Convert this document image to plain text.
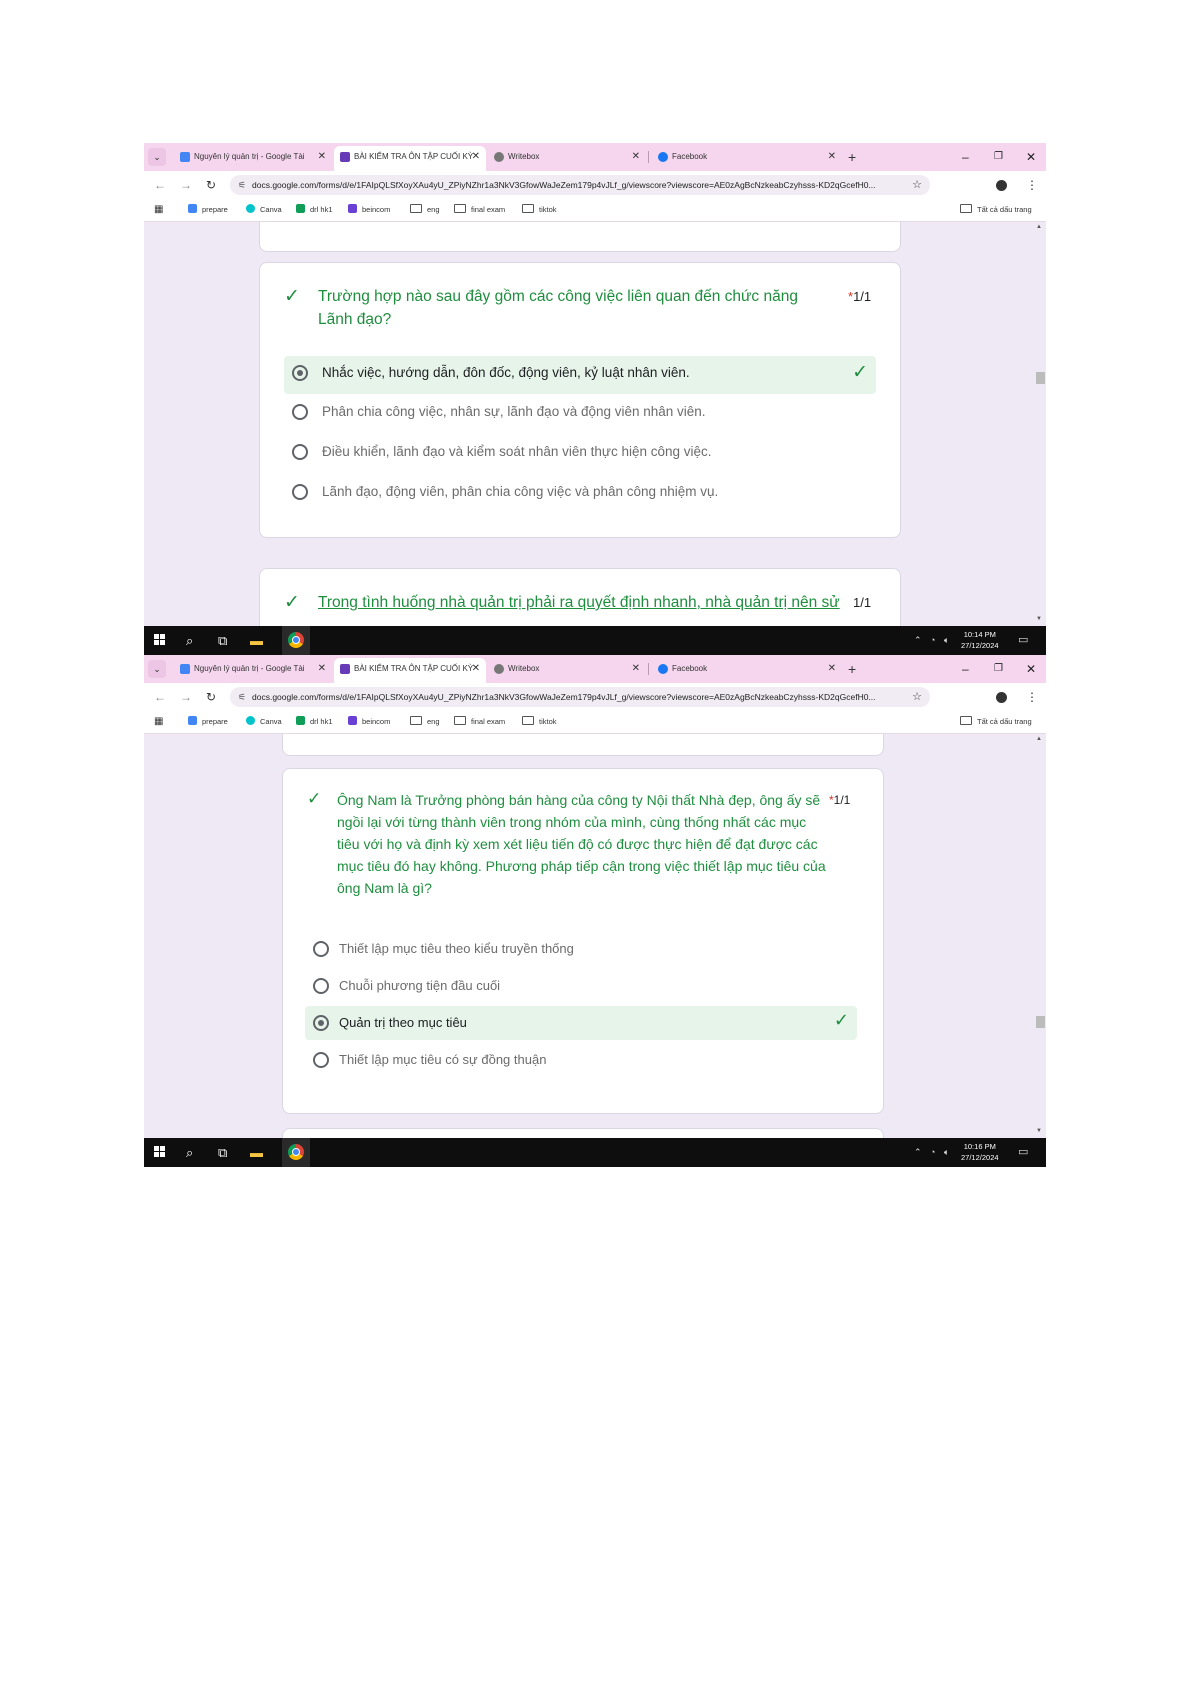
⌄	Nguyên lý quản trị - Google Tài ✕	BÀI KIỂM TRA ÔN TẬP CUỐI KỲ
✕	Writebox	✕	Facebook	✕ +	–	❐ ✕
← → ↻ ⚟ docs.google.com/forms/d/e/1FAIpQLSfXoyXAu4yU_ZPiyNZhr1a3NkV3GfowWaJeZem179p4vJLf_g/viewscore?viewscore=AE0zAgBcNzkeabCzyhsss-KD2qGcefH0...	☆	⋮
▦	prepare	Canva	drl hk1	beincom	eng	final exam	tiktok	Tất cả dấu trang
✓ Trường hợp nào sau đây gồm các công việc liên quan đến chức năng Lãnh đạo?
*1/1
Nhắc việc, hướng dẫn, đôn đốc, động viên, kỷ luật nhân viên.	✓
Phân chia công việc, nhân sự, lãnh đạo và động viên nhân viên.
Điều khiển, lãnh đạo và kiểm soát nhân viên thực hiện công việc.
Lãnh đạo, động viên, phân chia công việc và phân công nhiệm vụ.
✓ Trong tình huống nhà quản trị phải ra quyết định nhanh, nhà quản trị nên sử	1/1
▲
▼
⌕ ⧉ ▬	⌃ ◔ 🔈︎
10:14 PM
27/12/2024 ▭
⌄	Nguyên lý quản trị - Google Tài ✕	BÀI KIỂM TRA ÔN TẬP CUỐI KỲ
✕	Writebox	✕	Facebook	✕ +	–	❐ ✕
← → ↻ ⚟ docs.google.com/forms/d/e/1FAIpQLSfXoyXAu4yU_ZPiyNZhr1a3NkV3GfowWaJeZem179p4vJLf_g/viewscore?viewscore=AE0zAgBcNzkeabCzyhsss-KD2qGcefH0...	☆	⋮
▦	prepare	Canva	drl hk1	beincom	eng	final exam	tiktok	Tất cả dấu trang
✓ Ông Nam là Trưởng phòng bán hàng của công ty Nội thất Nhà đẹp, ông ấy sẽ ngồi lại với từng thành viên trong nhóm của mình, cùng thống nhất các mục tiêu với họ và định kỳ xem xét liệu tiến độ có được thực hiện để đạt được các mục tiêu đó hay không. Phương pháp tiếp cận trong việc thiết lập mục tiêu của ông Nam là gì?
*1/1
Thiết lập mục tiêu theo kiểu truyền thống
Chuỗi phương tiện đầu cuối
Quản trị theo mục tiêu	✓
Thiết lập mục tiêu có sự đồng thuận
▲
▼
⌕ ⧉ ▬	⌃ ◔ 🔈︎
10:16 PM
27/12/2024 ▭
